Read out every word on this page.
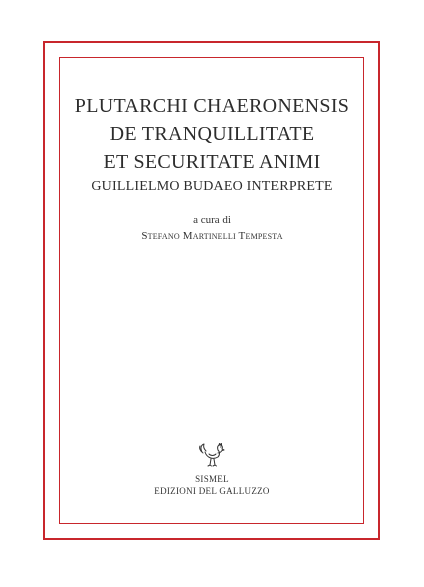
PLUTARCHI CHAERONENSIS
DE TRANQUILLITATE
ET SECURITATE ANIMI
GUILLIELMO BUDAEO INTERPRETE
a cura di
Stefano Martinelli Tempesta
SISMEL
EDIZIONI DEL GALLUZZO
